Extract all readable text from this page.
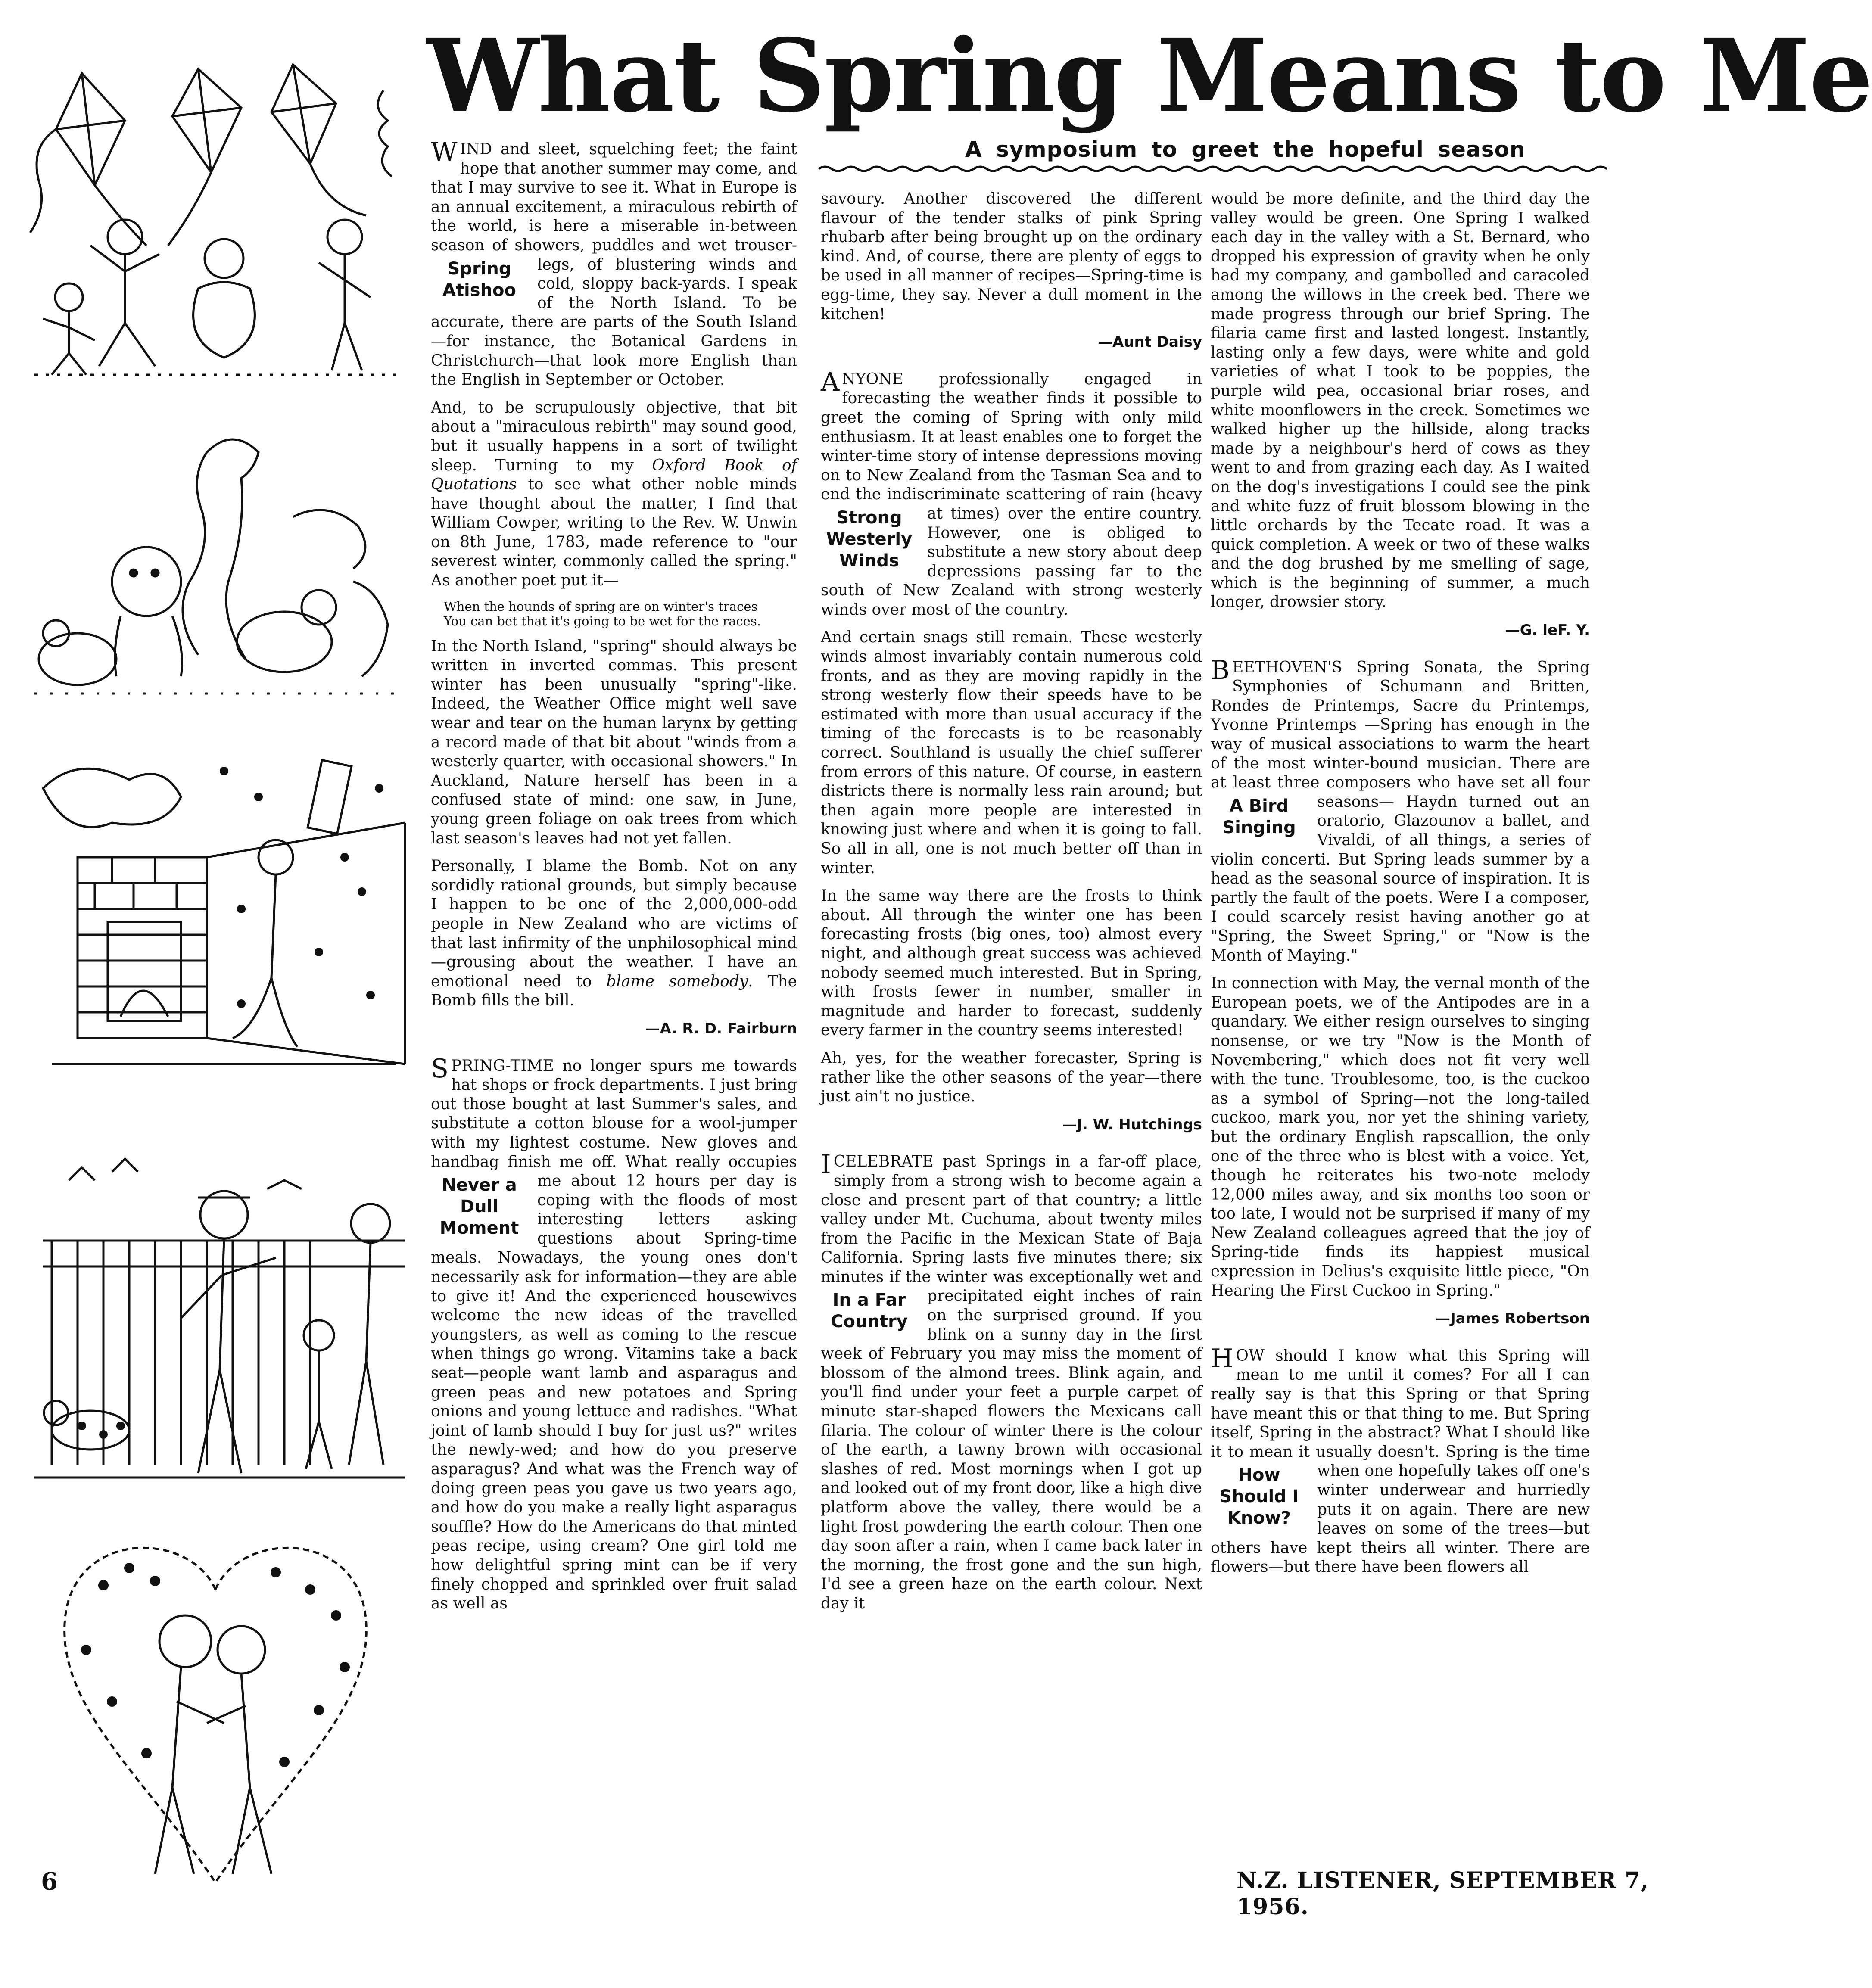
What Spring Means to Me
A symposium to greet the hopeful season

WIND and sleet, squelching feet; the faint hope that another summer may come, and that I may survive to see it. What in Europe is an annual excitement, a miraculous rebirth of the world, is here a miserable in-between season of showers, puddles and wet
Spring Atishoo
trouser-legs, of blustering winds and cold, sloppy back-yards. I speak of the North Island. To be accurate, there are parts of the South Island —for instance, the Botanical Gardens in Christchurch—that look more English than the English in September or October.

And, to be scrupulously objective, that bit about a "miraculous rebirth" may sound good, but it usually happens in a sort of twilight sleep. Turning to my Oxford Book of Quotations to see what other noble minds have thought about the matter, I find that William Cowper, writing to the Rev. W. Unwin on 8th June, 1783, made reference to "our severest winter, commonly called the spring." As another poet put it—

When the hounds of spring are on winter's traces
You can bet that it's going to be wet for the races.

In the North Island, "spring" should always be written in inverted commas. This present winter has been unusually "spring"-like. Indeed, the Weather Office might well save wear and tear on the human larynx by getting a record made of that bit about "winds from a westerly quarter, with occasional showers." In Auckland, Nature herself has been in a confused state of mind: one saw, in June, young green foliage on oak trees from which last season's leaves had not yet fallen.

Personally, I blame the Bomb. Not on any sordidly rational grounds, but simply because I happen to be one of the 2,000,000-odd people in New Zealand who are victims of that last infirmity of the unphilosophical mind—grousing about the weather. I have an emotional need to blame somebody. The Bomb fills the bill.

—A. R. D. Fairburn

SPRING-TIME no longer spurs me towards hat shops or frock departments. I just bring out those bought at last Summer's sales, and substitute a cotton blouse for a wool-jumper with my lightest costume. New gloves and handbag finish me off. What really occupies me about 12 hours per day is
Never a Dull Moment
coping with the floods of most interesting letters asking questions about Spring-time meals. Nowadays, the young ones don't necessarily ask for information—they are able to give it! And the experienced housewives welcome the new ideas of the travelled youngsters, as well as coming to the rescue when things go wrong. Vitamins take a back seat—people want lamb and asparagus and green peas and new potatoes and Spring onions and young lettuce and radishes. "What joint of lamb should I buy for just us?" writes the newly-wed; and how do you preserve asparagus? And what was the French way of doing green peas you gave us two years ago, and how do you make a really light asparagus souffle? How do the Americans do that minted peas recipe, using cream? One girl told me how delightful spring mint can be if very finely chopped and sprinkled over fruit salad as well as

savoury. Another discovered the different flavour of the tender stalks of pink Spring rhubarb after being brought up on the ordinary kind. And, of course, there are plenty of eggs to be used in all manner of recipes—Spring-time is egg-time, they say. Never a dull moment in the kitchen!

—Aunt Daisy

ANYONE professionally engaged in forecasting the weather finds it possible to greet the coming of Spring with only mild enthusiasm. It at least enables one to forget the winter-time story of intense depressions moving on to New Zealand from the Tasman Sea and to end the indiscriminate scattering of rain
Strong Westerly Winds
(heavy at times) over the entire country. However, one is obliged to substitute a new story about deep depressions passing far to the south of New Zealand with strong westerly winds over most of the country.

And certain snags still remain. These westerly winds almost invariably contain numerous cold fronts, and as they are moving rapidly in the strong westerly flow their speeds have to be estimated with more than usual accuracy if the timing of the forecasts is to be reasonably correct. Southland is usually the chief sufferer from errors of this nature. Of course, in eastern districts there is normally less rain around; but then again more people are interested in knowing just where and when it is going to fall. So all in all, one is not much better off than in winter.

In the same way there are the frosts to think about. All through the winter one has been forecasting frosts (big ones, too) almost every night, and although great success was achieved nobody seemed much interested. But in Spring, with frosts fewer in number, smaller in magnitude and harder to forecast, suddenly every farmer in the country seems interested!

Ah, yes, for the weather forecaster, Spring is rather like the other seasons of the year—there just ain't no justice.

—J. W. Hutchings

ICELEBRATE past Springs in a far-off place, simply from a strong wish to become again a close and present part of that country; a little valley under Mt. Cuchuma, about twenty miles from the Pacific in the Mexican State of Baja California. Spring lasts five minutes there; six minutes if the winter was exceptionally wet
In a Far Country
and precipitated eight inches of rain on the surprised ground. If you blink on a sunny day in the first week of February you may miss the moment of blossom of the almond trees. Blink again, and you'll find under your feet a purple carpet of minute star-shaped flowers the Mexicans call filaria. The colour of winter there is the colour of the earth, a tawny brown with occasional slashes of red. Most mornings when I got up and looked out of my front door, like a high dive platform above the valley, there would be a light frost powdering the earth colour. Then one day soon after a rain, when I came back later in the morning, the frost gone and the sun high, I'd see a green haze on the earth colour. Next day it

would be more definite, and the third day the valley would be green. One Spring I walked each day in the valley with a St. Bernard, who dropped his expression of gravity when he only had my company, and gambolled and caracoled among the willows in the creek bed. There we made progress through our brief Spring. The filaria came first and lasted longest. Instantly, lasting only a few days, were white and gold varieties of what I took to be poppies, the purple wild pea, occasional briar roses, and white moonflowers in the creek. Sometimes we walked higher up the hillside, along tracks made by a neighbour's herd of cows as they went to and from grazing each day. As I waited on the dog's investigations I could see the pink and white fuzz of fruit blossom blowing in the little orchards by the Tecate road. It was a quick completion. A week or two of these walks and the dog brushed by me smelling of sage, which is the beginning of summer, a much longer, drowsier story.

—G. leF. Y.

BEETHOVEN'S Spring Sonata, the Spring Symphonies of Schumann and Britten, Rondes de Printemps, Sacre du Printemps, Yvonne Printemps —Spring has enough in the way of musical associations to warm the heart of the most winter-bound musician. There are at least three composers who have set all four seasons—
A Bird Singing
Haydn turned out an oratorio, Glazounov a ballet, and Vivaldi, of all things, a series of violin concerti. But Spring leads summer by a head as the seasonal source of inspiration. It is partly the fault of the poets. Were I a composer, I could scarcely resist having another go at "Spring, the Sweet Spring," or "Now is the Month of Maying."

In connection with May, the vernal month of the European poets, we of the Antipodes are in a quandary. We either resign ourselves to singing nonsense, or we try "Now is the Month of Novembering," which does not fit very well with the tune. Troublesome, too, is the cuckoo as a symbol of Spring—not the long-tailed cuckoo, mark you, nor yet the shining variety, but the ordinary English rapscallion, the only one of the three who is blest with a voice. Yet, though he reiterates his two-note melody 12,000 miles away, and six months too soon or too late, I would not be surprised if many of my New Zealand colleagues agreed that the joy of Spring-tide finds its happiest musical expression in Delius's exquisite little piece, "On Hearing the First Cuckoo in Spring."

—James Robertson

HOW should I know what this Spring will mean to me until it comes? For all I can really say is that this Spring or that Spring have meant this or that thing to me. But Spring itself, Spring in the abstract? What I should like it to mean it usually doesn't. Spring is the time when one hopefully
How Should I Know?
takes off one's winter underwear and hurriedly puts it on again. There are new leaves on some of the trees—but others have kept theirs all winter. There are flowers—but there have been flowers all

6	N.Z. LISTENER, SEPTEMBER 7, 1956.
